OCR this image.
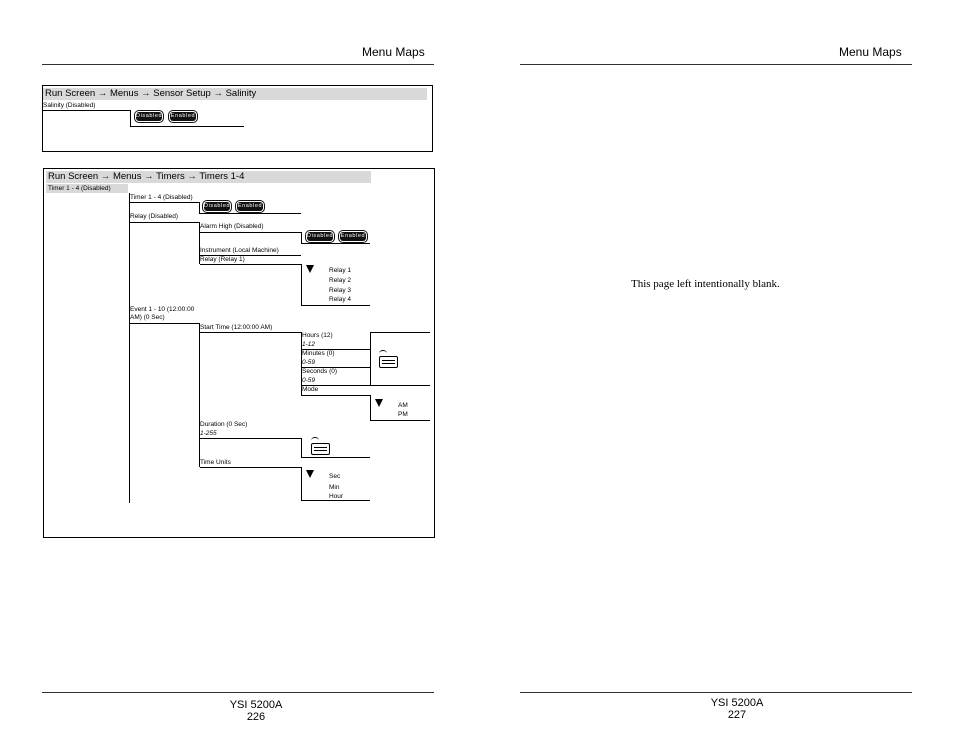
Menu Maps
Run Screen → Menus → Sensor Setup → Salinity
Salinity (Disabled)
Disabled Enabled
Run Screen → Menus → Timers → Timers 1-4
Timer 1 - 4 (Disabled)
Timer 1 - 4 (Disabled)
Disabled Enabled
Relay (Disabled)
Alarm High (Disabled)
Disabled Enabled
Instrument (Local Machine)
Relay (Relay 1)
Relay 1
Relay 2
Relay 3
Relay 4
Event 1 - 10 (12:00:00
AM) (0 Sec)
Start Time (12:00:00 AM)
Hours (12)
1-12
Minutes (0)
0-59
Seconds (0)
0-59
Mode
AM
PM
Duration (0 Sec)
1-255
Time Units
Sec
Min
Hour
YSI 5200A
226
Menu Maps
This page left intentionally blank.
YSI 5200A
227
